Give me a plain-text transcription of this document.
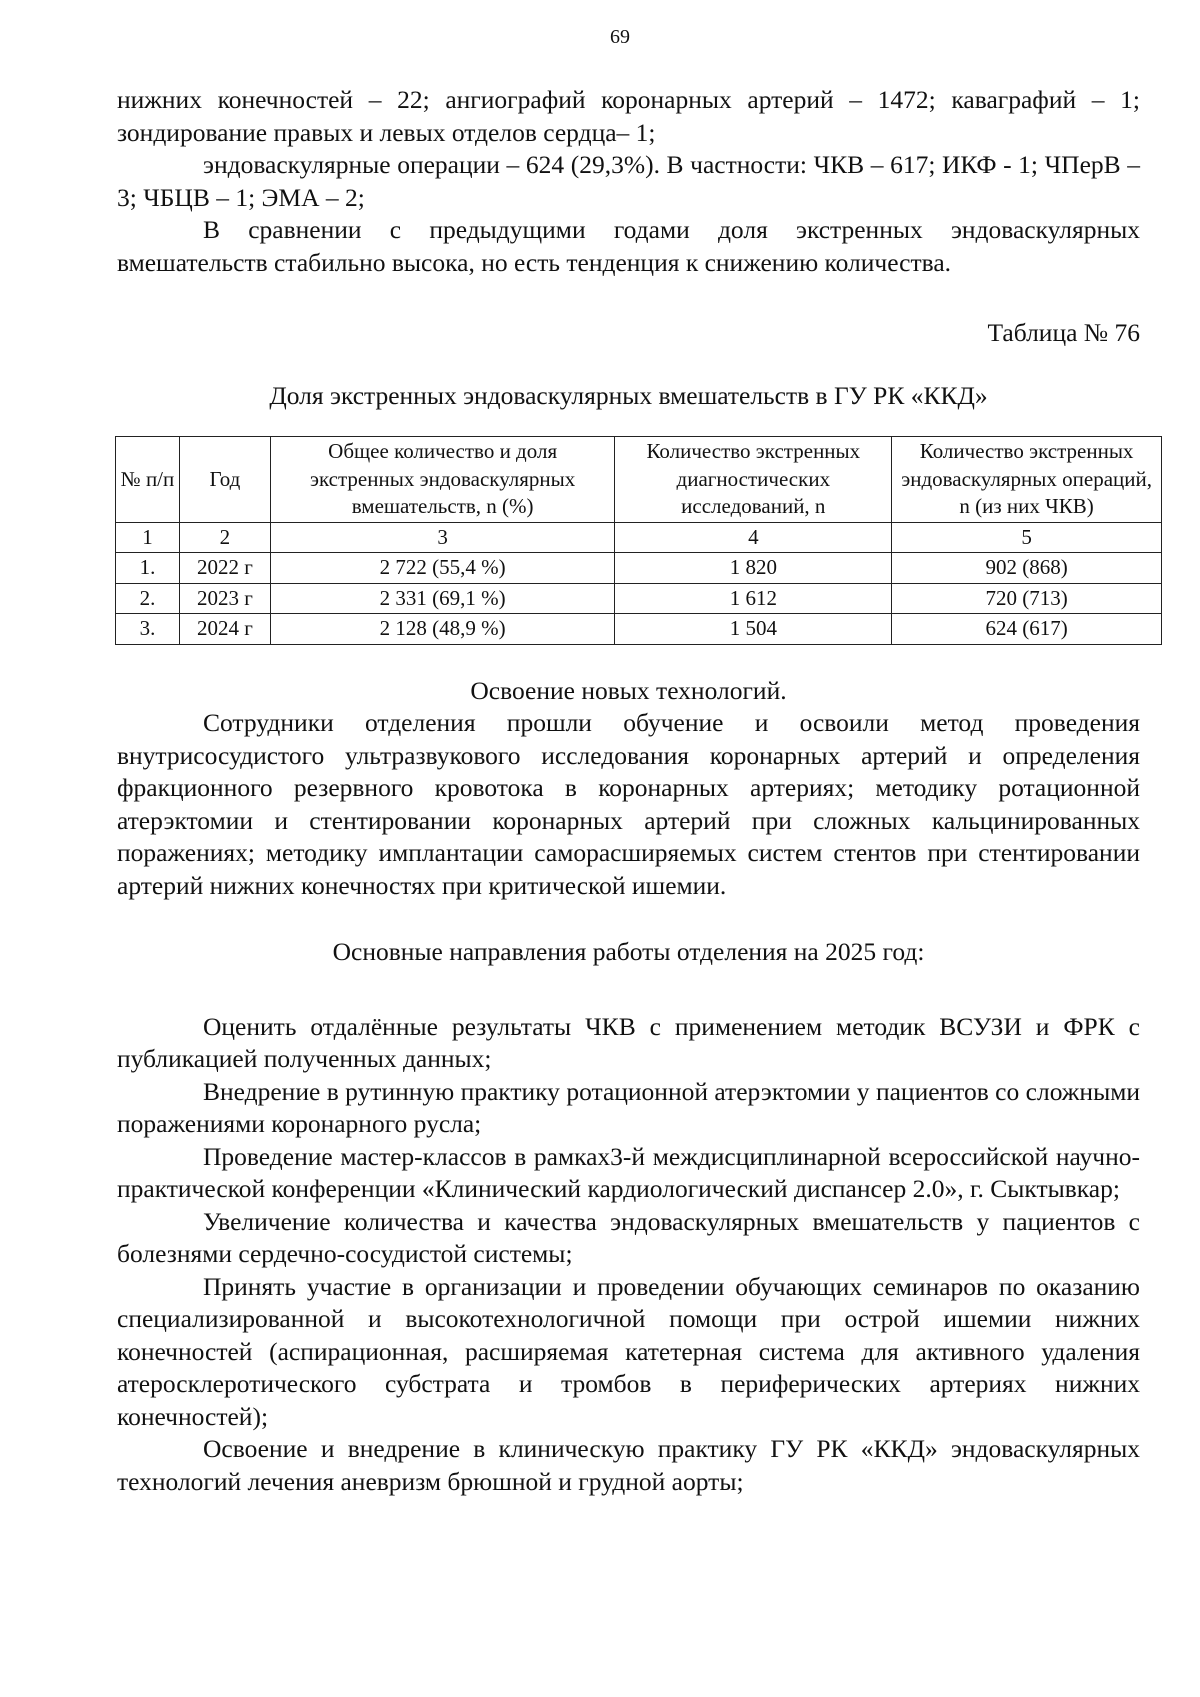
69

нижних конечностей – 22; ангиографий коронарных артерий – 1472; каваграфий – 1; зондирование правых и левых отделов сердца– 1;

эндоваскулярные операции – 624 (29,3%). В частности: ЧКВ – 617; ИКФ - 1; ЧПерВ – 3; ЧБЦВ – 1; ЭМА – 2;

В сравнении с предыдущими годами доля экстренных эндоваскулярных вмешательств стабильно высока, но есть тенденция к снижению количества.

Таблица № 76

Доля экстренных эндоваскулярных вмешательств в ГУ РК «ККД»

№ п/п	Год	Общее количество и доля экстренных эндоваскулярных вмешательств, n (%)	Количество экстренных диагностических исследований, n	Количество экстренных эндоваскулярных операций, n (из них ЧКВ)
1	2	3	4	5
1.	2022 г	2 722 (55,4 %)	1 820	902 (868)
2.	2023 г	2 331 (69,1 %)	1 612	720 (713)
3.	2024 г	2 128 (48,9 %)	1 504	624 (617)

Освоение новых технологий.

Сотрудники отделения прошли обучение и освоили метод проведения внутрисосудистого ультразвукового исследования коронарных артерий и определения фракционного резервного кровотока в коронарных артериях; методику ротационной атерэктомии и стентировании коронарных артерий при сложных кальцинированных поражениях; методику имплантации саморасширяемых систем стентов при стентировании артерий нижних конечностях при критической ишемии.

Основные направления работы отделения на 2025 год:

Оценить отдалённые результаты ЧКВ с применением методик ВСУЗИ и ФРК с публикацией полученных данных;

Внедрение в рутинную практику ротационной атерэктомии у пациентов со сложными поражениями коронарного русла;

Проведение мастер-классов в рамках3-й междисциплинарной всероссийской научно-практической конференции «Клинический кардиологический диспансер 2.0», г. Сыктывкар;

Увеличение количества и качества эндоваскулярных вмешательств у пациентов с болезнями сердечно-сосудистой системы;

Принять участие в организации и проведении обучающих семинаров по оказанию специализированной и высокотехнологичной помощи при острой ишемии нижних конечностей (аспирационная, расширяемая катетерная система для активного удаления атеросклеротического субстрата и тромбов в периферических артериях нижних конечностей);

Освоение и внедрение в клиническую практику ГУ РК «ККД» эндоваскулярных технологий лечения аневризм брюшной и грудной аорты;
